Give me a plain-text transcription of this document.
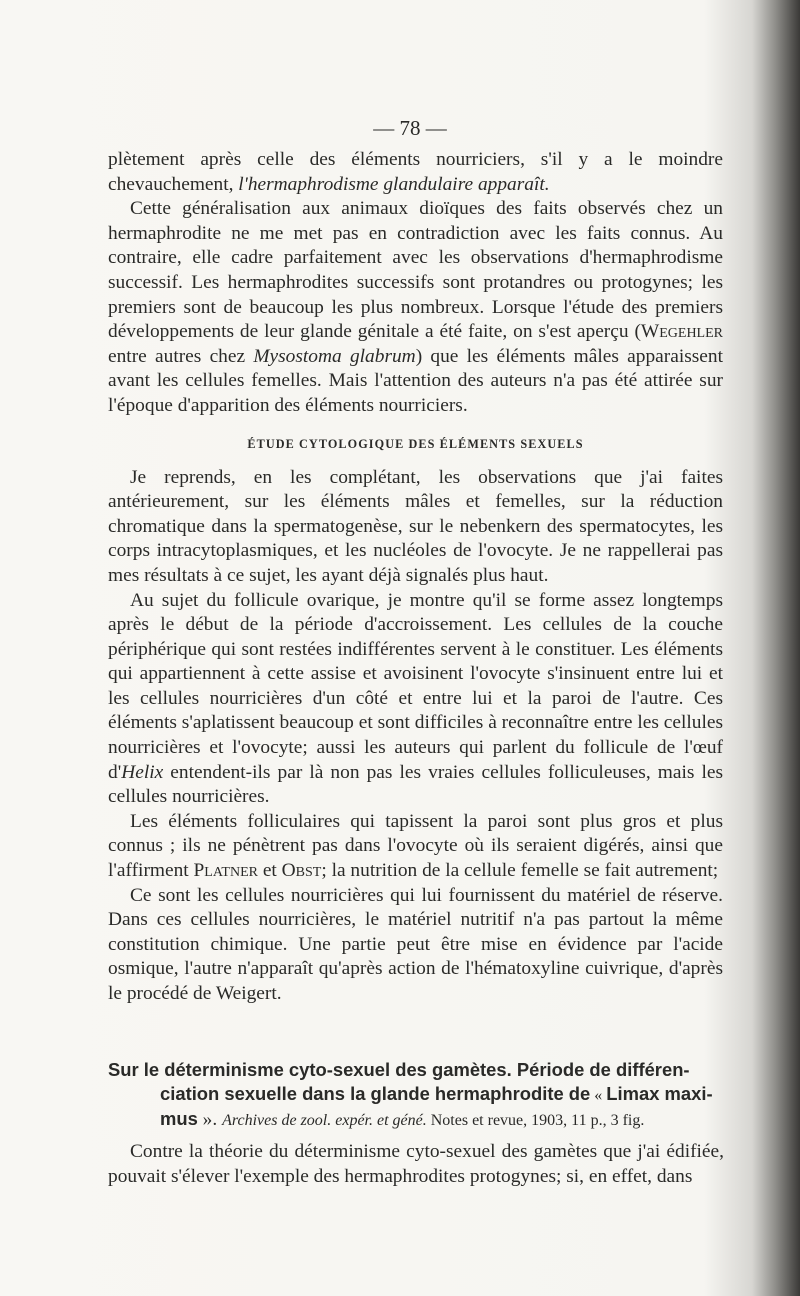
— 78 —

plètement après celle des éléments nourriciers, s'il y a le moindre chevauchement, l'hermaphrodisme glandulaire apparaît.

Cette généralisation aux animaux dioïques des faits observés chez un hermaphrodite ne me met pas en contradiction avec les faits connus. Au contraire, elle cadre parfaitement avec les observations d'hermaphrodisme successif. Les hermaphrodites successifs sont protandres ou protogynes; les premiers sont de beaucoup les plus nombreux. Lorsque l'étude des premiers développements de leur glande génitale a été faite, on s'est aperçu (Wegehler entre autres chez Mysostoma glabrum) que les éléments mâles apparaissent avant les cellules femelles. Mais l'attention des auteurs n'a pas été attirée sur l'époque d'apparition des éléments nourriciers.

ÉTUDE CYTOLOGIQUE DES ÉLÉMENTS SEXUELS

Je reprends, en les complétant, les observations que j'ai faites antérieurement, sur les éléments mâles et femelles, sur la réduction chromatique dans la spermatogenèse, sur le nebenkern des spermatocytes, les corps intracytoplasmiques, et les nucléoles de l'ovocyte. Je ne rappellerai pas mes résultats à ce sujet, les ayant déjà signalés plus haut.

Au sujet du follicule ovarique, je montre qu'il se forme assez longtemps après le début de la période d'accroissement. Les cellules de la couche périphérique qui sont restées indifférentes servent à le constituer. Les éléments qui appartiennent à cette assise et avoisinent l'ovocyte s'insinuent entre lui et les cellules nourricières d'un côté et entre lui et la paroi de l'autre. Ces éléments s'aplatissent beaucoup et sont difficiles à reconnaître entre les cellules nourricières et l'ovocyte; aussi les auteurs qui parlent du follicule de l'œuf d'Helix entendent-ils par là non pas les vraies cellules folliculeuses, mais les cellules nourricières.

Les éléments folliculaires qui tapissent la paroi sont plus gros et plus connus ; ils ne pénètrent pas dans l'ovocyte où ils seraient digérés, ainsi que l'affirment Platner et Obst; la nutrition de la cellule femelle se fait autrement;

Ce sont les cellules nourricières qui lui fournissent du matériel de réserve. Dans ces cellules nourricières, le matériel nutritif n'a pas partout la même constitution chimique. Une partie peut être mise en évidence par l'acide osmique, l'autre n'apparaît qu'après action de l'hématoxyline cuivrique, d'après le procédé de Weigert.

Sur le déterminisme cyto-sexuel des gamètes. Période de différen-
ciation sexuelle dans la glande hermaphrodite de « Limax maxi-
mus ». Archives de zool. expér. et géné. Notes et revue, 1903, 11 p., 3 fig.

Contre la théorie du déterminisme cyto-sexuel des gamètes que j'ai édifiée, pouvait s'élever l'exemple des hermaphrodites protogynes; si, en effet, dans
